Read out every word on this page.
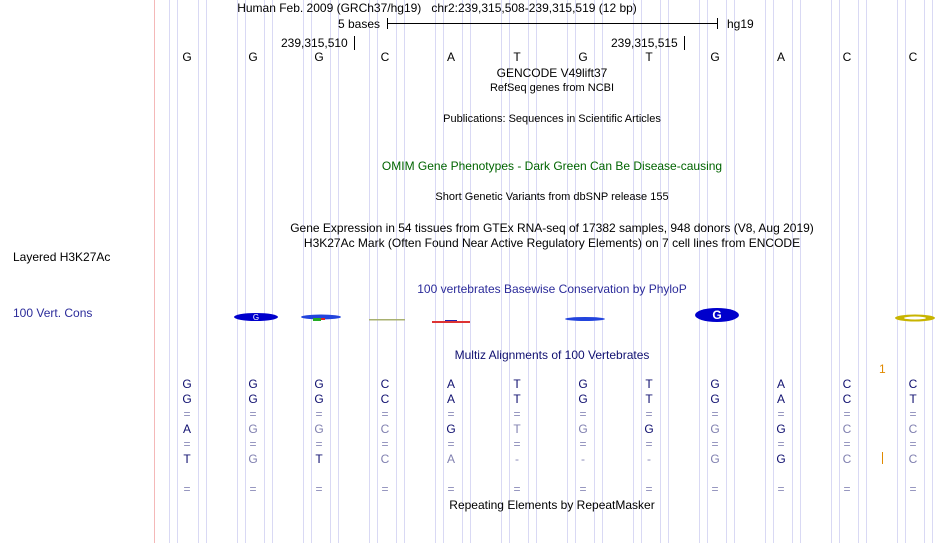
Human Feb. 2009 (GRCh37/hg19) chr2:239,315,508-239,315,519 (12 bp)
5 bases	hg19
239,315,510	239,315,515
G	G	G	C	A	T	G	T	G	A	C	C
GENCODE V49lift37
RefSeq genes from NCBI
Publications: Sequences in Scientific Articles
OMIM Gene Phenotypes - Dark Green Can Be Disease-causing
Short Genetic Variants from dbSNP release 155
Gene Expression in 54 tissues from GTEx RNA-seq of 17382 samples, 948 donors (V8, Aug 2019)
H3K27Ac Mark (Often Found Near Active Regulatory Elements) on 7 cell lines from ENCODE
100 vertebrates Basewise Conservation by PhyloP
G	G
Multiz Alignments of 100 Vertebrates
1
G	G	G	C	A	T	G	T	G	A	C	C
G	G	G	C	A	T	G	T	G	A	C	T
=	=	=	=	=	=	=	=	=	=	=	=
A	G	G	C	G	T	G	G	G	G	C	C
=	=	=	=	=	=	=	=	=	=	=	=
T	G	T	C	A	-	-	-	G	G	C	C
=	=	=	=	=	=	=	=	=	=	=	=
Repeating Elements by RepeatMasker
Layered H3K27Ac
100 Vert. Cons
